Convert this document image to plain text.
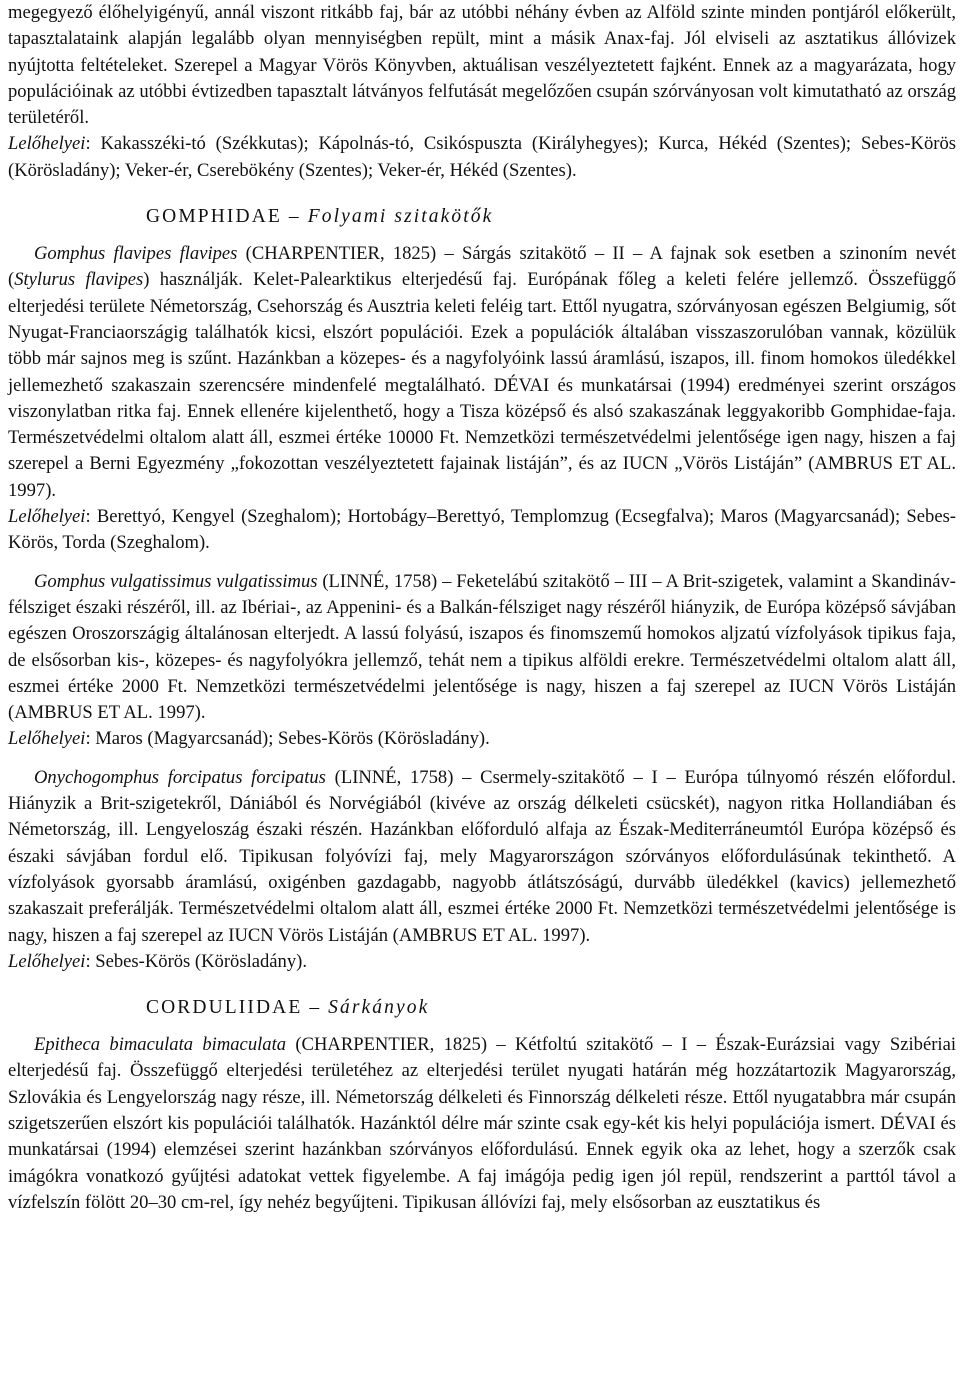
megegyező élőhelyigényű, annál viszont ritkább faj, bár az utóbbi néhány évben az Alföld szinte minden pontjáról előkerült, tapasztalataink alapján legalább olyan mennyiségben repült, mint a másik Anax-faj. Jól elviseli az asztatikus állóvizek nyújtotta feltételeket. Szerepel a Magyar Vörös Könyvben, aktuálisan veszélyeztetett fajként. Ennek az a magyarázata, hogy populációinak az utóbbi évtizedben tapasztalt látványos felfutását megelőzően csupán szórványosan volt kimutatható az ország területéről.
Lelőhelyei: Kakasszéki-tó (Székkutas); Kápolnás-tó, Csikóspuszta (Királyhegyes); Kurca, Hékéd (Szentes); Sebes-Körös (Körösladány); Veker-ér, Cserebökény (Szentes); Veker-ér, Hékéd (Szentes).

GOMPHIDAE – Folyami szitakötők

Gomphus flavipes flavipes (CHARPENTIER, 1825) – Sárgás szitakötő – II – A fajnak sok esetben a szinoním nevét (Stylurus flavipes) használják. Kelet-Palearktikus elterjedésű faj. Európának főleg a keleti felére jellemző. Összefüggő elterjedési területe Németország, Csehország és Ausztria keleti feléig tart. Ettől nyugatra, szórványosan egészen Belgiumig, sőt Nyugat-Franciaországig találhatók kicsi, elszórt populációi. Ezek a populációk általában visszaszorulóban vannak, közülük több már sajnos meg is szűnt. Hazánkban a közepes- és a nagyfolyóink lassú áramlású, iszapos, ill. finom homokos üledékkel jellemezhető szakaszain szerencsére mindenfelé megtalálható. DÉVAI és munkatársai (1994) eredményei szerint országos viszonylatban ritka faj. Ennek ellenére kijelenthető, hogy a Tisza középső és alsó szakaszának leggyakoribb Gomphidae-faja. Természetvédelmi oltalom alatt áll, eszmei értéke 10000 Ft. Nemzetközi természetvédelmi jelentősége igen nagy, hiszen a faj szerepel a Berni Egyezmény „fokozottan veszélyeztetett fajainak listáján”, és az IUCN „Vörös Listáján” (AMBRUS ET AL. 1997).
Lelőhelyei: Berettyó, Kengyel (Szeghalom); Hortobágy–Berettyó, Templomzug (Ecsegfalva); Maros (Magyarcsanád); Sebes-Körös, Torda (Szeghalom).

Gomphus vulgatissimus vulgatissimus (LINNÉ, 1758) – Feketelábú szitakötő – III – A Brit-szigetek, valamint a Skandináv-félsziget északi részéről, ill. az Ibériai-, az Appenini- és a Balkán-félsziget nagy részéről hiányzik, de Európa középső sávjában egészen Oroszországig általánosan elterjedt. A lassú folyású, iszapos és finomszemű homokos aljzatú vízfolyások tipikus faja, de elsősorban kis-, közepes- és nagyfolyókra jellemző, tehát nem a tipikus alföldi erekre. Természetvédelmi oltalom alatt áll, eszmei értéke 2000 Ft. Nemzetközi természetvédelmi jelentősége is nagy, hiszen a faj szerepel az IUCN Vörös Listáján (AMBRUS ET AL. 1997).
Lelőhelyei: Maros (Magyarcsanád); Sebes-Körös (Körösladány).

Onychogomphus forcipatus forcipatus (LINNÉ, 1758) – Csermely-szitakötő – I – Európa túlnyomó részén előfordul. Hiányzik a Brit-szigetekről, Dániából és Norvégiából (kivéve az ország délkeleti csücskét), nagyon ritka Hollandiában és Németország, ill. Lengyeloszág északi részén. Hazánkban előforduló alfaja az Észak-Mediterráneumtól Európa középső és északi sávjában fordul elő. Tipikusan folyóvízi faj, mely Magyarországon szórványos előfordulásúnak tekinthető. A vízfolyások gyorsabb áramlású, oxigénben gazdagabb, nagyobb átlátszóságú, durvább üledékkel (kavics) jellemezhető szakaszait preferálják. Természetvédelmi oltalom alatt áll, eszmei értéke 2000 Ft. Nemzetközi természetvédelmi jelentősége is nagy, hiszen a faj szerepel az IUCN Vörös Listáján (AMBRUS ET AL. 1997).
Lelőhelyei: Sebes-Körös (Körösladány).

CORDULIIDAE – Sárkányok

Epitheca bimaculata bimaculata (CHARPENTIER, 1825) – Kétfoltú szitakötő – I – Észak-Eurázsiai vagy Szibériai elterjedésű faj. Összefüggő elterjedési területéhez az elterjedési terület nyugati határán még hozzátartozik Magyarország, Szlovákia és Lengyelország nagy része, ill. Németország délkeleti és Finnország délkeleti része. Ettől nyugatabbra már csupán szigetszerűen elszórt kis populációi találhatók. Hazánktól délre már szinte csak egy-két kis helyi populációja ismert. DÉVAI és munkatársai (1994) elemzései szerint hazánkban szórványos előfordulású. Ennek egyik oka az lehet, hogy a szerzők csak imágókra vonatkozó gyűjtési adatokat vettek figyelembe. A faj imágója pedig igen jól repül, rendszerint a parttól távol a vízfelszín fölött 20–30 cm-rel, így nehéz begyűjteni. Tipikusan állóvízi faj, mely elsősorban az eusztatikus és
